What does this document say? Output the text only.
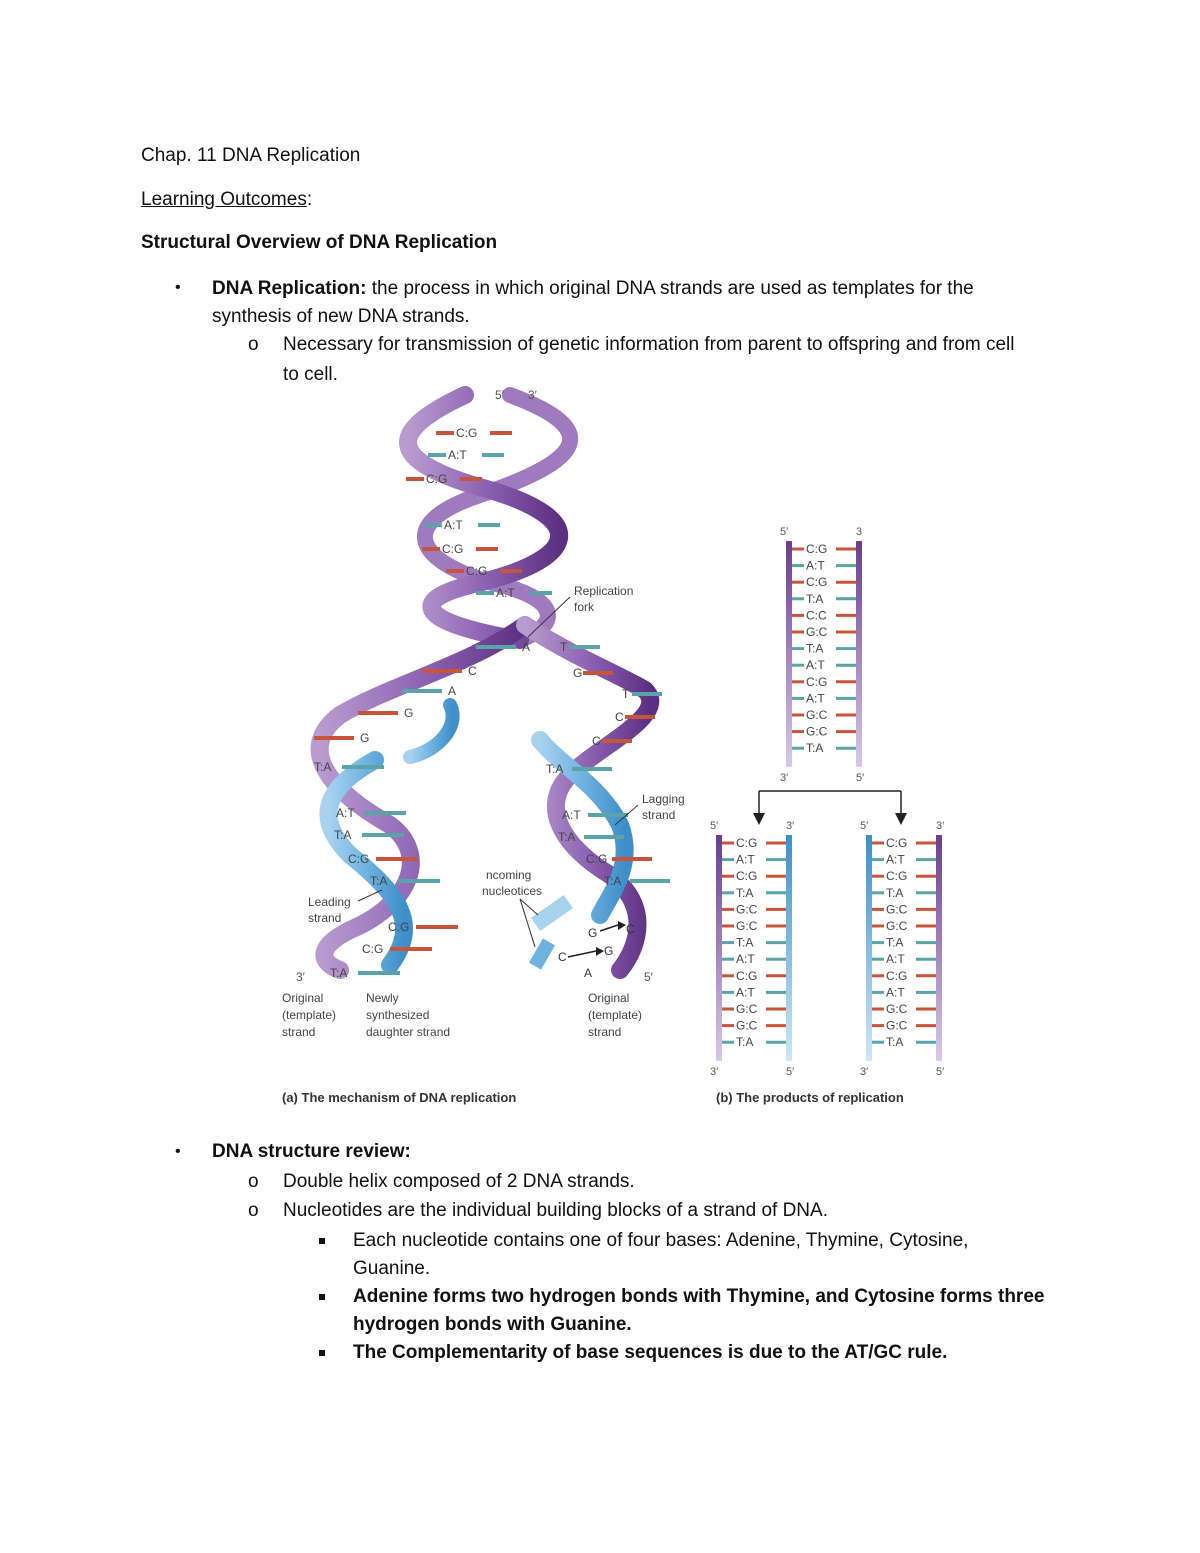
Chap. 11 DNA Replication
Learning Outcomes:
Structural Overview of DNA Replication
• DNA Replication: the process in which original DNA strands are used as templates for the
synthesis of new DNA strands.
o Necessary for transmission of genetic information from parent to offspring and from cell
to cell.
C:G
A:T
C:G
A:T
C:G
C:G
A:T
A
C
A
G
G
T
G
T
C
C
T:A
A:T
T:A
C:G
T:A
C:G
C:G
T:A
T:A
A:T
T:A
C:G
T:A
G C
G
C
A
5′ 3′
Replication
fork
Lagging
strand
Leading
strand
ncoming
nucleotices
3′	5′
Original
(template)
strand
Newly
synthesized
daughter strand
Original
(template)
strand
C:G
A:T
C:G
T:A
C:C
G:C
T:A
A:T
C:G
A:T
G:C
G:C
T:A
5′	3
3′	5′
C:G
A:T
C:G
T:A
G:C
G:C
T:A
A:T
C:G
A:T
G:C
G:C
T:A
5′	3′
3′	5′
C:G
A:T
C:G
T:A
G:C
G:C
T:A
A:T
C:G
A:T
G:C
G:C
T:A
5′	3′
3′	5′
(a) The mechanism of DNA replication	(b) The products of replication
• DNA structure review:
o Double helix composed of 2 DNA strands.
o Nucleotides are the individual building blocks of a strand of DNA.
Each nucleotide contains one of four bases: Adenine, Thymine, Cytosine,
Guanine.
Adenine forms two hydrogen bonds with Thymine, and Cytosine forms three
hydrogen bonds with Guanine.
The Complementarity of base sequences is due to the AT/GC rule.
